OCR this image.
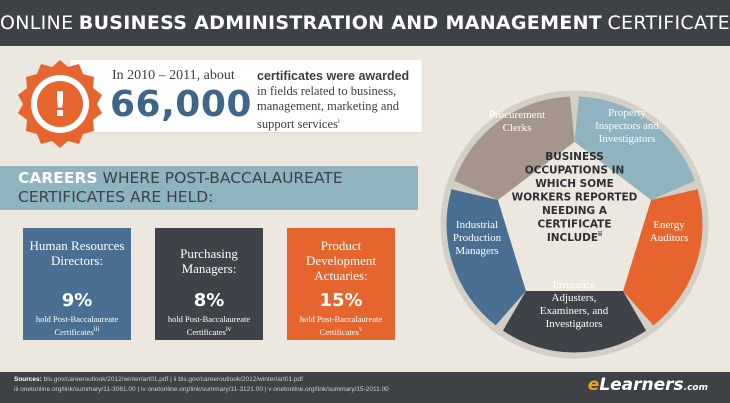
ONLINE BUSINESS ADMINISTRATION AND MANAGEMENT CERTIFICATE
In 2010 – 2011, about
66,000
certificates were awarded in fields related to business, management, marketing and support services$^i$
!
CAREERS WHERE POST-BACCALAUREATE
CERTIFICATES ARE HELD:
Human Resources Directors:
9%
hold Post-Baccalaureate Certificates$^{iii}$
Purchasing Managers:
8%
hold Post-Baccalaureate Certificates$^{iv}$
Product Development Actuaries:
15%
hold Post-Baccalaureate Certificates$^v$
BUSINESS
OCCUPATIONS IN
WHICH SOME
WORKERS REPORTED
NEEDING A
CERTIFICATE
INCLUDE$^{ii}$
Procurement
Clerks
Property
Inspectors and
Investigators
Energy
Auditors
Insurance
Adjusters,
Examiners, and
Investigators
Industrial
Production
Managers
Sources: bls.gov/careeroutlook/2012/winter/art01.pdf | ii bls.gov/careeroutlook/2012/winter/art01.pdf
iii onetonline.org/link/summary/11-3061.00 | iv onetonline.org/link/summary/11-3121.00 | v onetonline.org/link/summary/15-2011.00	eLearners.com
